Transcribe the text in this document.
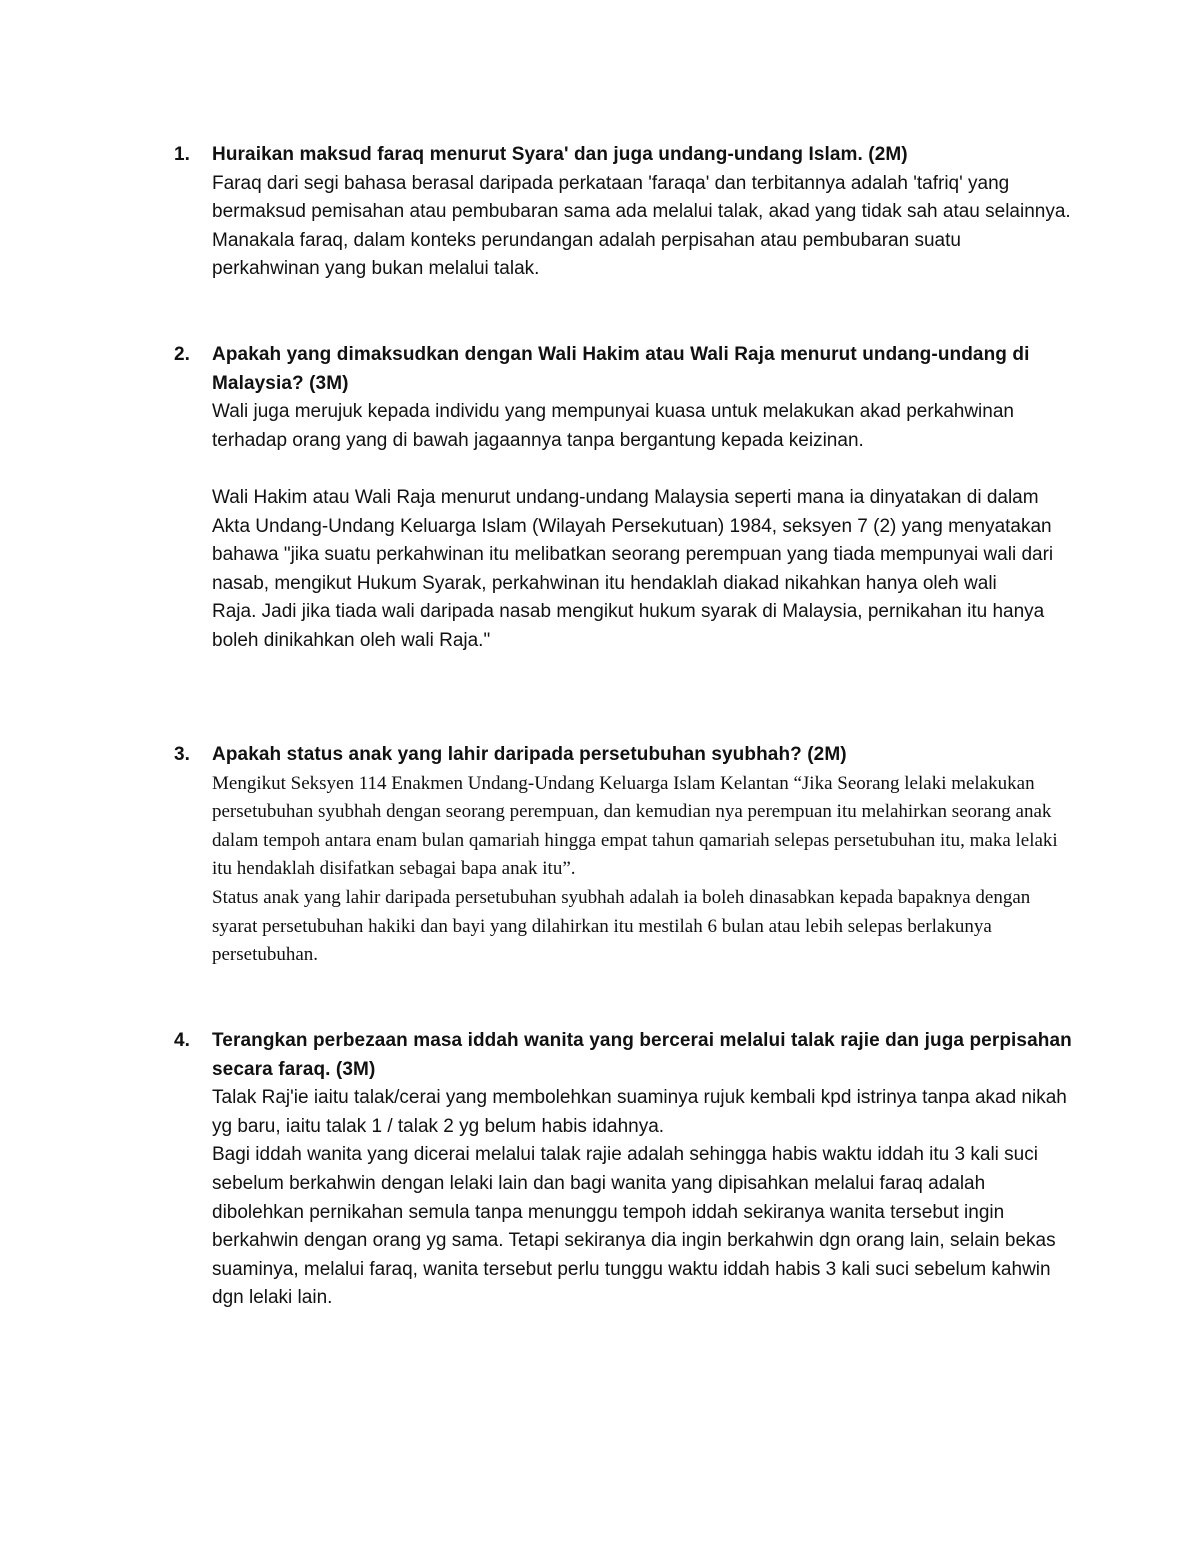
1. Huraikan maksud faraq menurut Syara' dan juga undang-undang Islam. (2M)

Faraq dari segi bahasa berasal daripada perkataan 'faraqa' dan terbitannya adalah 'tafriq' yang bermaksud pemisahan atau pembubaran sama ada melalui talak, akad yang tidak sah atau selainnya. Manakala faraq, dalam konteks perundangan adalah perpisahan atau pembubaran suatu perkahwinan yang bukan melalui talak.

2. Apakah yang dimaksudkan dengan Wali Hakim atau Wali Raja menurut undang-undang di Malaysia? (3M)

Wali juga merujuk kepada individu yang mempunyai kuasa untuk melakukan akad perkahwinan terhadap orang yang di bawah jagaannya tanpa bergantung kepada keizinan.

Wali Hakim atau Wali Raja menurut undang-undang Malaysia seperti mana ia dinyatakan di dalam Akta Undang-Undang Keluarga Islam (Wilayah Persekutuan) 1984, seksyen 7 (2) yang menyatakan bahawa "jika suatu perkahwinan itu melibatkan seorang perempuan yang tiada mempunyai wali dari nasab, mengikut Hukum Syarak, perkahwinan itu hendaklah diakad nikahkan hanya oleh wali

Raja. Jadi jika tiada wali daripada nasab mengikut hukum syarak di Malaysia, pernikahan itu hanya boleh dinikahkan oleh wali Raja."

3. Apakah status anak yang lahir daripada persetubuhan syubhah? (2M)

Mengikut Seksyen 114 Enakmen Undang-Undang Keluarga Islam Kelantan “Jika Seorang lelaki melakukan persetubuhan syubhah dengan seorang perempuan, dan kemudian nya perempuan itu melahirkan seorang anak dalam tempoh antara enam bulan qamariah hingga empat tahun qamariah selepas persetubuhan itu, maka lelaki itu hendaklah disifatkan sebagai bapa anak itu”.

Status anak yang lahir daripada persetubuhan syubhah adalah ia boleh dinasabkan kepada bapaknya dengan syarat persetubuhan hakiki dan bayi yang dilahirkan itu mestilah 6 bulan atau lebih selepas berlakunya persetubuhan.

4. Terangkan perbezaan masa iddah wanita yang bercerai melalui talak rajie dan juga perpisahan secara faraq. (3M)

Talak Raj'ie iaitu talak/cerai yang membolehkan suaminya rujuk kembali kpd istrinya tanpa akad nikah yg baru, iaitu talak 1 / talak 2 yg belum habis idahnya.

Bagi iddah wanita yang dicerai melalui talak rajie adalah sehingga habis waktu iddah itu 3 kali suci sebelum berkahwin dengan lelaki lain dan bagi wanita yang dipisahkan melalui faraq adalah dibolehkan pernikahan semula tanpa menunggu tempoh iddah sekiranya wanita tersebut ingin berkahwin dengan orang yg sama. Tetapi sekiranya dia ingin berkahwin dgn orang lain, selain bekas suaminya, melalui faraq, wanita tersebut perlu tunggu waktu iddah habis 3 kali suci sebelum kahwin dgn lelaki lain.
